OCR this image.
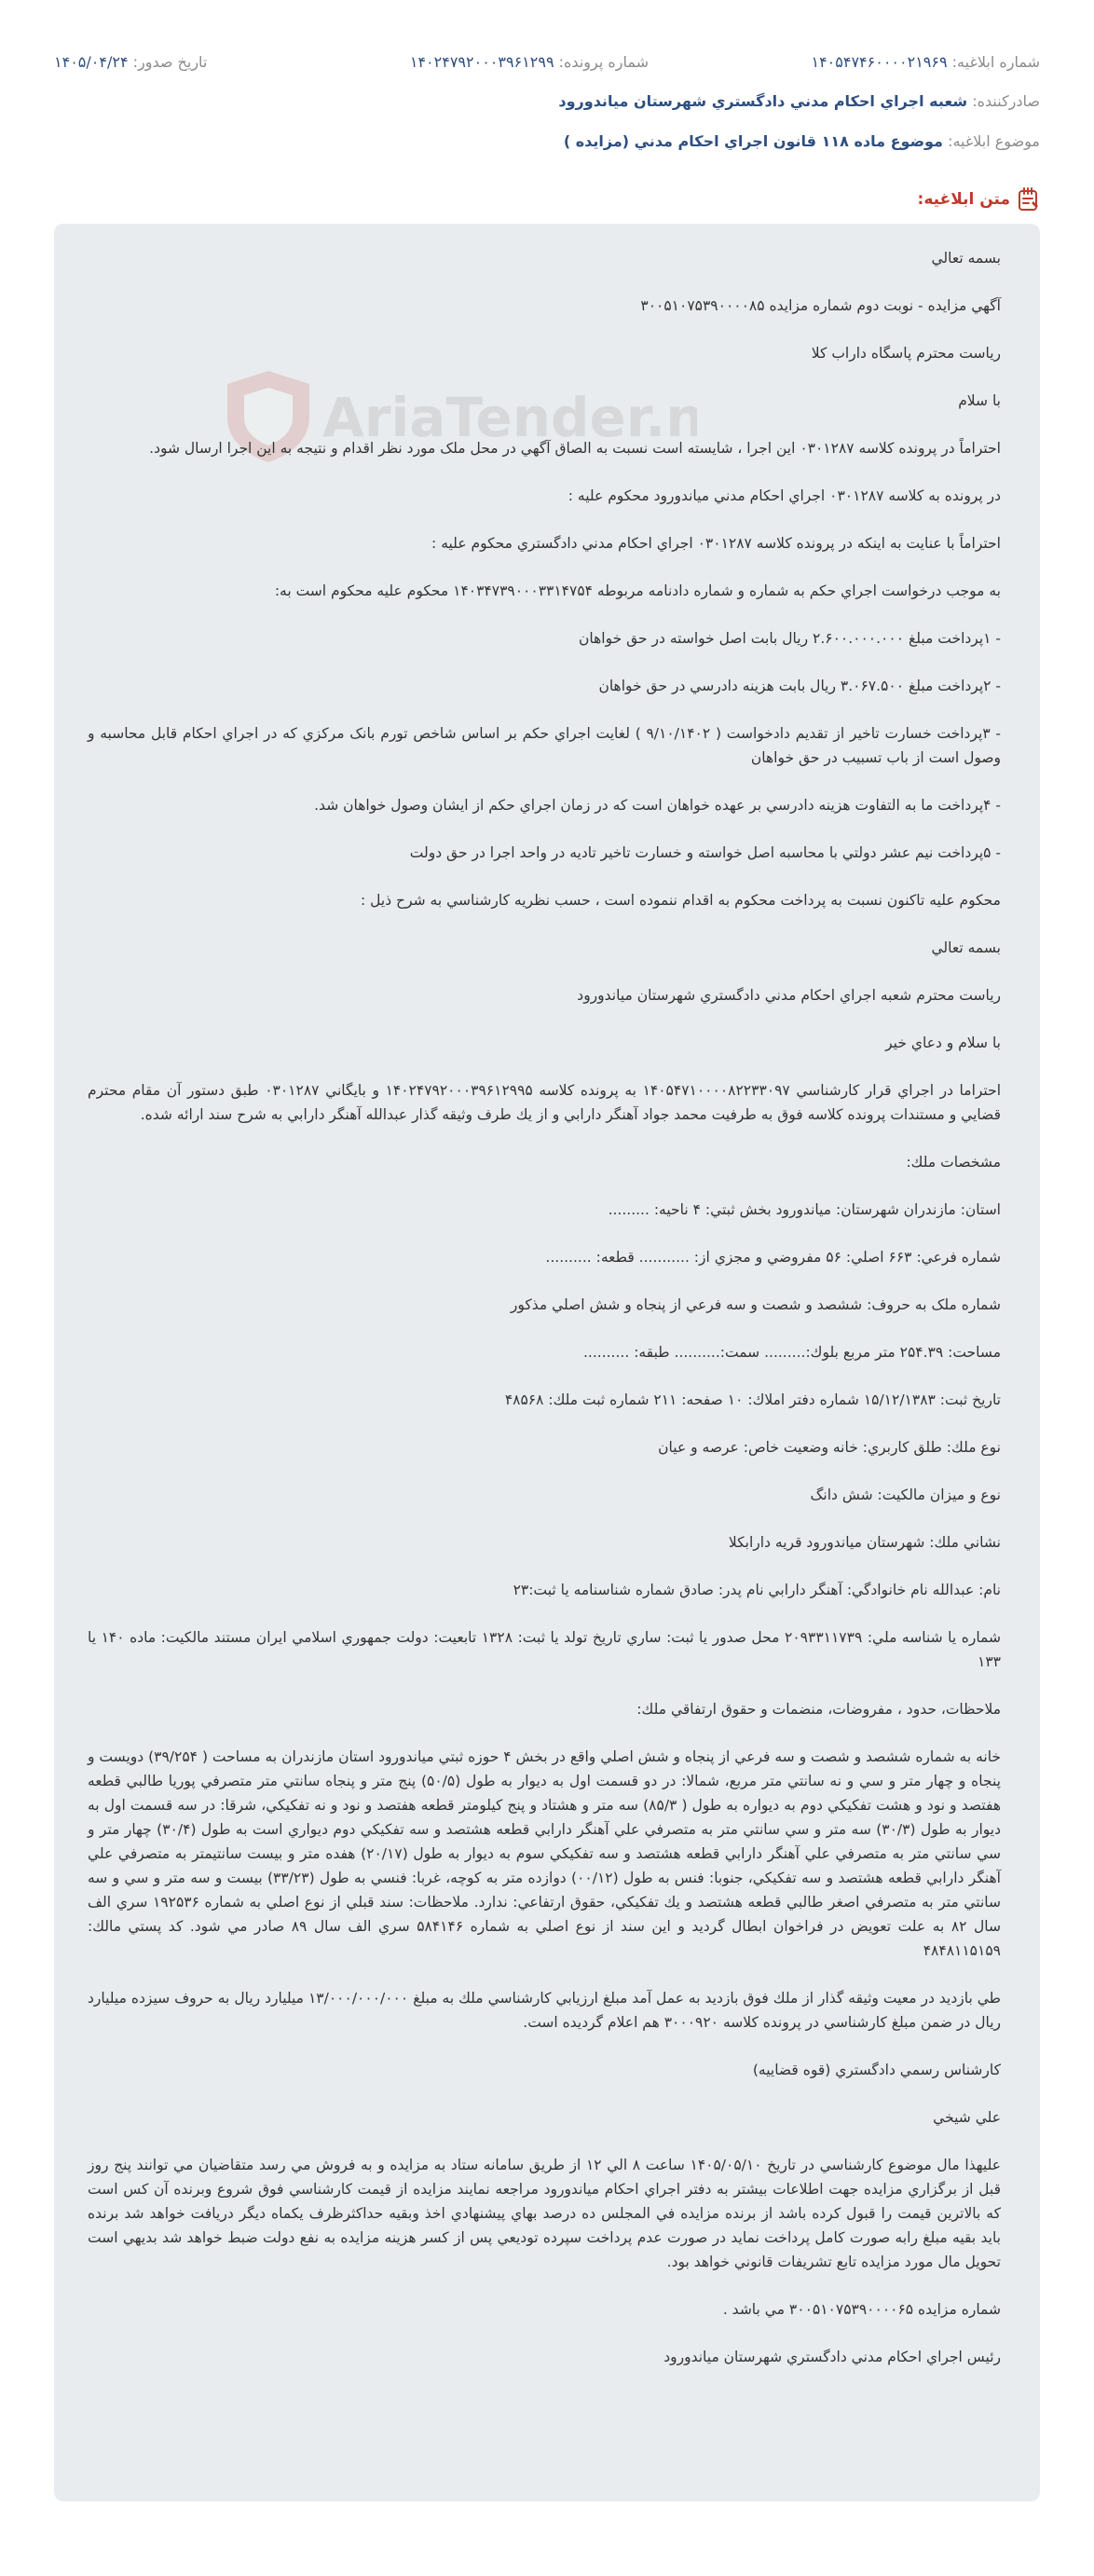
شماره ابلاغيه: ۱۴۰۵۴۷۴۶۰۰۰۰۲۱۹۶۹
شماره پرونده: ۱۴۰۲۴۷۹۲۰۰۰۳۹۶۱۲۹۹
تاريخ صدور: ۱۴۰۵/۰۴/۲۴
صادرکننده: شعبه اجراي احكام مدني دادگستري شهرستان مياندورود
موضوع ابلاغيه: موضوع ماده ۱۱۸ قانون اجراي احکام مدني (مزايده )
متن ابلاغيه:
AriaTender.n

بسمه تعالي

آگهي مزايده - نوبت دوم شماره مزايده ۳۰۰۵۱۰۷۵۳۹۰۰۰۰۸۵

رياست محترم پاسگاه داراب کلا

با سلام

احتراماً در پرونده کلاسه ۰۳۰۱۲۸۷ اين اجرا ، شايسته است نسبت به الصاق آگهي در محل ملک مورد نظر اقدام و نتيجه به اين اجرا ارسال شود.

در پرونده به کلاسه ۰۳۰۱۲۸۷ اجراي احكام مدني مياندورود محكوم عليه :

احتراماً با عنايت به اينکه در پرونده کلاسه ۰۳۰۱۲۸۷ اجراي احكام مدني دادگستري محکوم عليه :

به موجب درخواست اجراي حکم به شماره و شماره دادنامه مربوطه ۱۴۰۳۴۷۳۹۰۰۰۳۳۱۴۷۵۴ محکوم عليه محکوم است به:

- ۱پرداخت مبلغ ۲.۶۰۰.۰۰۰.۰۰۰ ريال بابت اصل خواسته در حق خواهان

- ۲پرداخت مبلغ ۳.۰۶۷.۵۰۰ ريال بابت هزينه دادرسي در حق خواهان

- ۳پرداخت خسارت تاخير از تقديم دادخواست ( ۹/۱۰/۱۴۰۲ ) لغايت اجراي حکم بر اساس شاخص تورم بانک مرکزي که در اجراي احکام قابل محاسبه و وصول است از باب تسبيب در حق خواهان

- ۴پرداخت ما به التفاوت هزينه دادرسي بر عهده خواهان است که در زمان اجراي حکم از ايشان وصول خواهان شد.

- ۵پرداخت نيم عشر دولتي با محاسبه اصل خواسته و خسارت تاخير تاديه در واحد اجرا در حق دولت

محکوم عليه تاکنون نسبت به پرداخت محکوم به اقدام ننموده است ، حسب نظريه کارشناسي به شرح ذيل :

بسمه تعالي

رياست محترم شعبه اجراي احكام مدني دادگستري شهرستان مياندورود

با سلام و دعاي خير

احتراما در اجراي قرار کارشناسي ۱۴۰۵۴۷۱۰۰۰۰۸۲۲۳۳۰۹۷ به پرونده کلاسه ۱۴۰۲۴۷۹۲۰۰۰۳۹۶۱۲۹۹۵ و بايگاني ۰۳۰۱۲۸۷ طبق دستور آن مقام محترم قضايي و مستندات پرونده کلاسه فوق به طرفيت محمد جواد آهنگر دارابي و از يك طرف وثيقه گذار عبدالله آهنگر دارابي به شرح سند ارائه شده.

مشخصات ملك:

استان: مازندران شهرستان: مياندورود بخش ثبتي: ۴ ناحيه: .........

شماره فرعي: ۶۶۳ اصلي: ۵۶ مفروضي و مجزي از: ........... قطعه: ..........

شماره ملک به حروف: ششصد و شصت و سه فرعي از پنجاه و شش اصلي مذکور

مساحت: ۲۵۴.۳۹ متر مربع بلوك:......... سمت:.......... طبقه: ..........

تاريخ ثبت: ۱۵/۱۲/۱۳۸۳ شماره دفتر املاك: ۱۰ صفحه: ۲۱۱ شماره ثبت ملك: ۴۸۵۶۸

نوع ملك: طلق كاربري: خانه وضعيت خاص: عرصه و عيان

نوع و ميزان مالكيت: شش دانگ

نشاني ملك: شهرستان مياندورود قريه دارابكلا

نام: عبدالله نام خانوادگي: آهنگر دارابي نام پدر: صادق شماره شناسنامه يا ثبت:۲۳

شماره يا شناسه ملي: ۲۰۹۳۳۱۱۷۳۹ محل صدور يا ثبت: ساري تاريخ تولد يا ثبت: ۱۳۲۸ تابعيت: دولت جمهوري اسلامي ايران مستند مالكيت: ماده ۱۴۰ يا ۱۳۳

ملاحظات، حدود ، مفروضات، منضمات و حقوق ارتفاقي ملك:

خانه به شماره ششصد و شصت و سه فرعي از پنجاه و شش اصلي واقع در بخش ۴ حوزه ثبتي مياندورود استان مازندران به مساحت ( ۳۹/۲۵۴) دويست و پنجاه و چهار متر و سي و نه سانتي متر مربع، شمالا: در دو قسمت اول به ديوار به طول (۵۰/۵) پنج متر و پنجاه سانتي متر متصرفي پوريا طالبي قطعه هفتصد و نود و هشت تفكيكي دوم به ديواره به طول ( ۸۵/۳) سه متر و هشتاد و پنج كيلومتر قطعه هفتصد و نود و نه تفكيكي، شرقا: در سه قسمت اول به ديوار به طول (۳۰/۳) سه متر و سي سانتي متر به متصرفي علي آهنگر دارابي قطعه هشتصد و سه تفكيكي دوم ديواري است به طول (۳۰/۴) چهار متر و سي سانتي متر به متصرفي علي آهنگر دارابي قطعه هشتصد و سه تفكيكي سوم به ديوار به طول (۲۰/۱۷) هفده متر و بيست سانتيمتر به متصرفي علي آهنگر دارابي قطعه هشتصد و سه تفكيكي، جنوبا: فنس به طول (۰۰/۱۲) دوازده متر به كوچه، غربا: فنسي به طول (۳۳/۲۳) بيست و سه متر و سي و سه سانتي متر به متصرفي اصغر طالبي قطعه هشتصد و يك تفكيكي، حقوق ارتفاعي: ندارد. ملاحظات: سند قبلي از نوع اصلي به شماره ۱۹۲۵۳۶ سري الف سال ۸۲ به علت تعويض در فراخوان ابطال گرديد و اين سند از نوع اصلي به شماره ۵۸۴۱۴۶ سري الف سال ۸۹ صادر مي شود. كد پستي مالك: ۴۸۴۸۱۱۵۱۵۹

طي بازديد در معيت وثيقه گذار از ملك فوق بازديد به عمل آمد مبلغ ارزيابي كارشناسي ملك به مبلغ ۱۳/۰۰۰/۰۰۰/۰۰۰ ميليارد ريال به حروف سيزده ميليارد ريال در ضمن مبلغ كارشناسي در پرونده كلاسه ۳۰۰۰۹۲۰ هم اعلام گرديده است.

كارشناس رسمي دادگستري (قوه قضاييه)

علي شيخي

عليهذا مال موضوع کارشناسي در تاريخ ۱۴۰۵/۰۵/۱۰ ساعت ۸ الي ۱۲ از طريق سامانه ستاد به مزايده و به فروش مي رسد متقاضيان مي توانند پنج روز قبل از برگزاري مزايده جهت اطلاعات بيشتر به دفتر اجراي احکام مياندورود مراجعه نمايند مزايده از قيمت کارشناسي فوق شروع وبرنده آن کس است که بالاترين قيمت را قبول کرده باشد از برنده مزايده في المجلس ده درصد بهاي پيشنهادي اخذ وبقيه حداکثرظرف يکماه ديگر دريافت خواهد شد برنده بايد بقيه مبلغ رابه صورت کامل پرداخت نمايد در صورت عدم پرداخت سپرده توديعي پس از کسر هزينه مزايده به نفع دولت ضبط خواهد شد بديهي است تحويل مال مورد مزايده تابع تشريفات قانوني خواهد بود.

شماره مزايده ۳۰۰۵۱۰۷۵۳۹۰۰۰۰۶۵ مي باشد .

رئيس اجراي احكام مدني دادگستري شهرستان مياندورود
